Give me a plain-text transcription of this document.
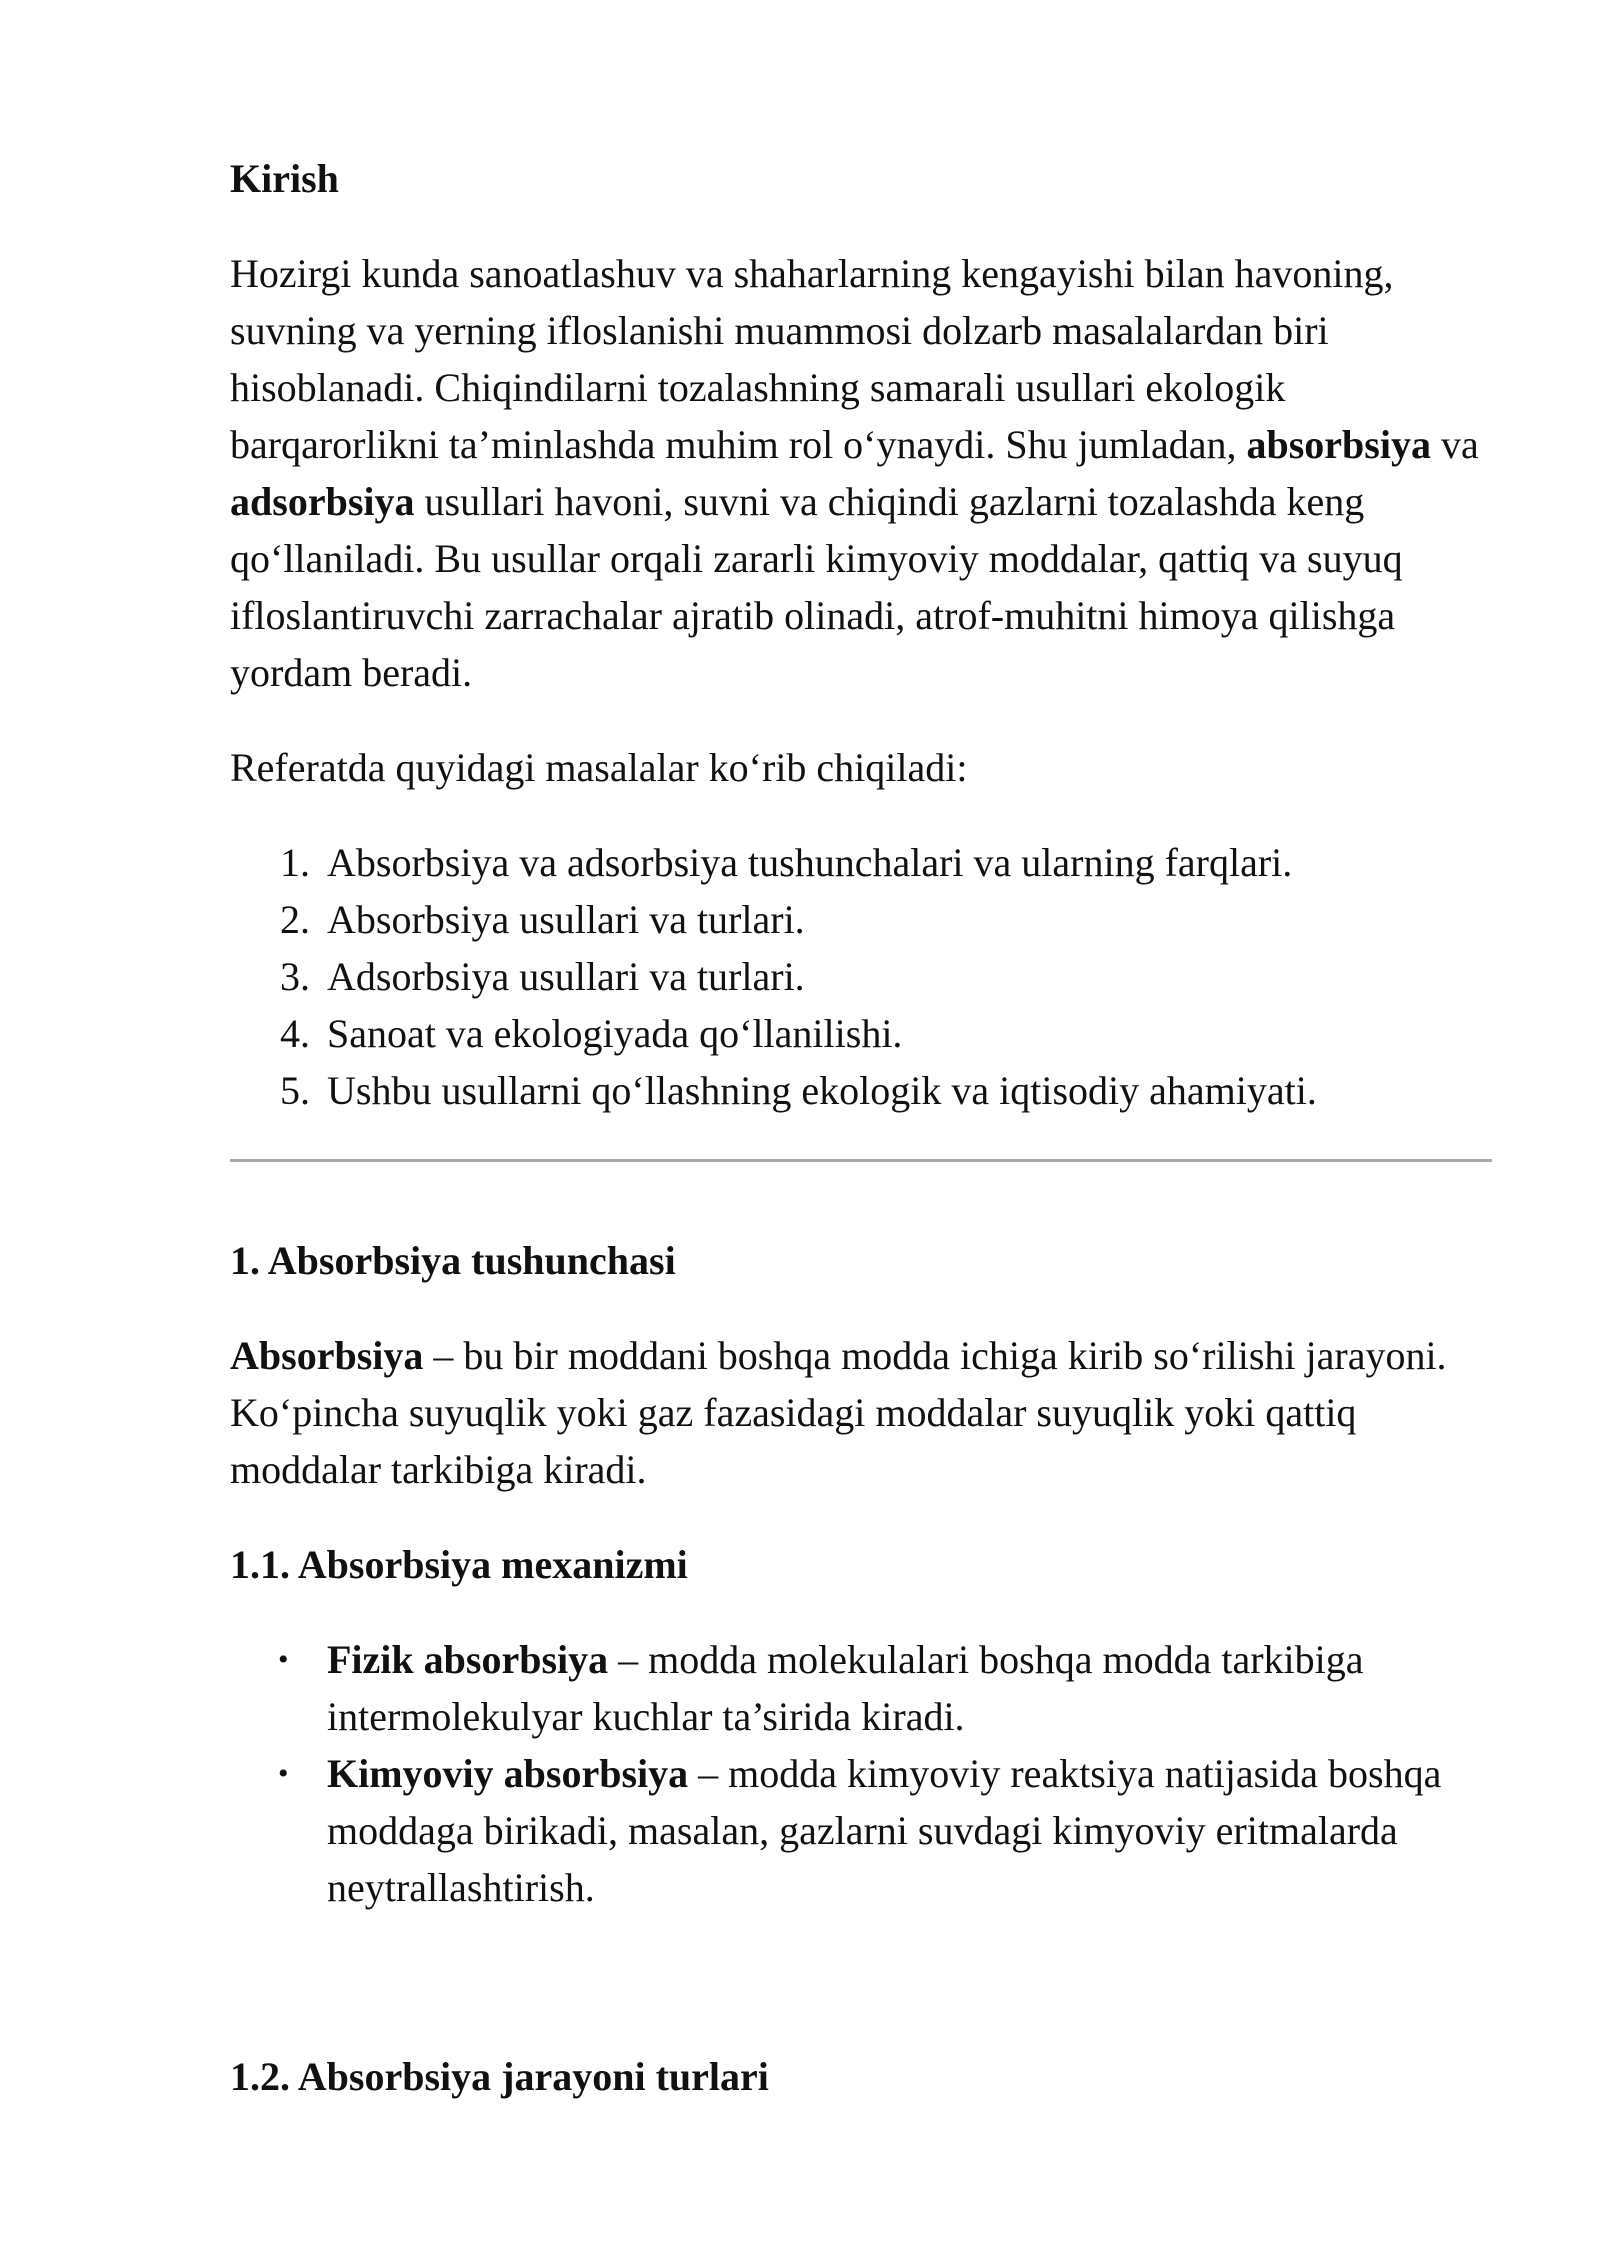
Kirish

Hozirgi kunda sanoatlashuv va shaharlarning kengayishi bilan havoning, suvning va yerning ifloslanishi muammosi dolzarb masalalardan biri hisoblanadi. Chiqindilarni tozalashning samarali usullari ekologik barqarorlikni ta’minlashda muhim rol o‘ynaydi. Shu jumladan, absorbsiya va adsorbsiya usullari havoni, suvni va chiqindi gazlarni tozalashda keng qo‘llaniladi. Bu usullar orqali zararli kimyoviy moddalar, qattiq va suyuq ifloslantiruvchi zarrachalar ajratib olinadi, atrof-muhitni himoya qilishga yordam beradi.

Referatda quyidagi masalalar ko‘rib chiqiladi:

1. Absorbsiya va adsorbsiya tushunchalari va ularning farqlari.
2. Absorbsiya usullari va turlari.
3. Adsorbsiya usullari va turlari.
4. Sanoat va ekologiyada qo‘llanilishi.
5. Ushbu usullarni qo‘llashning ekologik va iqtisodiy ahamiyati.
1. Absorbsiya tushunchasi

Absorbsiya – bu bir moddani boshqa modda ichiga kirib so‘rilishi jarayoni. Ko‘pincha suyuqlik yoki gaz fazasidagi moddalar suyuqlik yoki qattiq moddalar tarkibiga kiradi.

1.1. Absorbsiya mexanizmi
• Fizik absorbsiya – modda molekulalari boshqa modda tarkibiga intermolekulyar kuchlar ta’sirida kiradi.
• Kimyoviy absorbsiya – modda kimyoviy reaktsiya natijasida boshqa moddaga birikadi, masalan, gazlarni suvdagi kimyoviy eritmalarda neytrallashtirish.
1.2. Absorbsiya jarayoni turlari
